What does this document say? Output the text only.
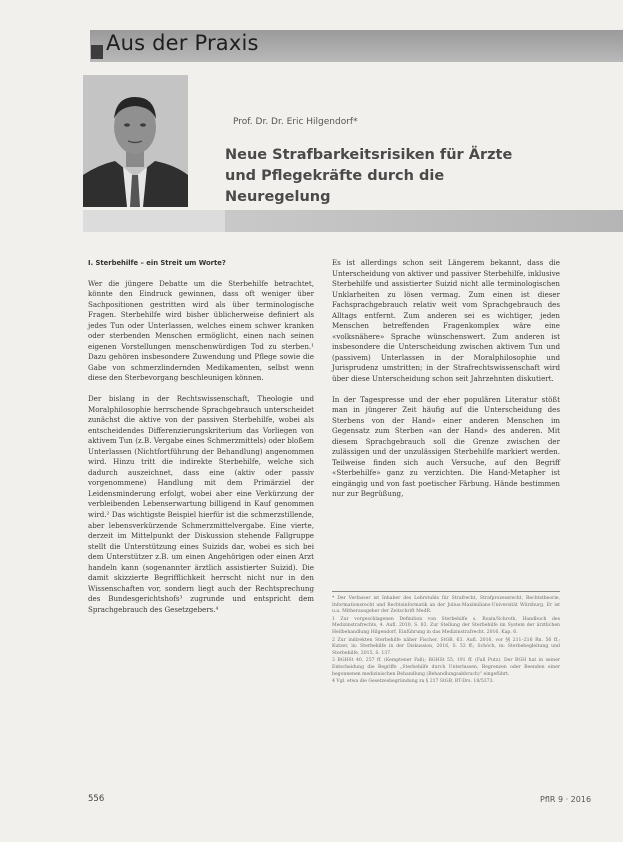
Aus der Praxis
Prof. Dr. Dr. Eric Hilgendorf*
Neue Strafbarkeitsrisiken für Ärzte
und Pflegekräfte durch die Neuregelung

I. Sterbehilfe – ein Streit um Worte?

Wer die jüngere Debatte um die Sterbehilfe betrachtet, könnte den Eindruck gewinnen, dass oft weniger über Sachpositionen gestritten wird als über terminologische Fragen. Sterbehilfe wird bisher üblicherweise definiert als jedes Tun oder Unterlassen, welches einem schwer kranken oder sterbenden Menschen ermöglicht, einen nach seinen eigenen Vorstellungen menschenwürdigen Tod zu sterben.¹ Dazu gehören insbesondere Zuwendung und Pflege sowie die Gabe von schmerzlindernden Medikamenten, selbst wenn diese den Sterbevorgang beschleunigen können.

Der bislang in der Rechtswissenschaft, Theologie und Moralphilosophie herrschende Sprachgebrauch unterscheidet zunächst die aktive von der passiven Sterbehilfe, wobei als entscheidendes Differenzierungskriterium das Vorliegen von aktivem Tun (z.B. Vergabe eines Schmerzmittels) oder bloßem Unterlassen (Nichtfortführung der Behandlung) angenommen wird. Hinzu tritt die indirekte Sterbehilfe, welche sich dadurch auszeichnet, dass eine (aktiv oder passiv vorgenommene) Handlung mit dem Primärziel der Leidensminderung erfolgt, wobei aber eine Verkürzung der verbleibenden Lebenserwartung billigend in Kauf genommen wird.² Das wichtigste Beispiel hierfür ist die schmerzstillende, aber lebensverkürzende Schmerzmittelvergabe. Eine vierte, derzeit im Mittelpunkt der Diskussion stehende Fallgruppe stellt die Unterstützung eines Suizids dar, wobei es sich bei dem Unterstützer z.B. um einen Angehörigen oder einen Arzt handeln kann (sogenannter ärztlich assistierter Suizid). Die damit skizzierte Begrifflichkeit herrscht nicht nur in den Wissenschaften vor, sondern liegt auch der Rechtsprechung des Bundesgerichtshofs³ zugrunde und entspricht dem Sprachgebrauch des Gesetzgebers.⁴

Es ist allerdings schon seit Längerem bekannt, dass die Unterscheidung von aktiver und passiver Sterbehilfe, inklusive Sterbehilfe und assistierter Suizid nicht alle terminologischen Unklarheiten zu lösen vermag. Zum einen ist dieser Fachsprachgebrauch relativ weit vom Sprachgebrauch des Alltags entfernt. Zum anderen sei es wichtiger, jeden Menschen betreffenden Fragenkomplex wäre eine «volksnähere» Sprache wünschenswert. Zum anderen ist insbesondere die Unterscheidung zwischen aktivem Tun und (passivem) Unterlassen in der Moralphilosophie und Jurisprudenz umstritten; in der Strafrechtswissenschaft wird über diese Unterscheidung schon seit Jahrzehnten diskutiert.

In der Tagespresse und der eher populären Literatur stößt man in jüngerer Zeit häufig auf die Unterscheidung des Sterbens von der Hand» einer anderen Menschen im Gegensatz zum Sterben «an der Hand» des anderen. Mit diesem Sprachgebrauch soll die Grenze zwischen der zulässigen und der unzulässigen Sterbehilfe markiert werden. Teilweise finden sich auch Versuche, auf den Begriff «Sterbehilfe» ganz zu verzichten. Die Hand-Metapher ist eingängig und von fast poetischer Färbung. Hände bestimmen nur zur Begrüßung,

* Der Verfasser ist Inhaber des Lehrstuhls für Strafrecht, Strafprozessrecht, Rechtstheorie, Informationsrecht und Rechtsinformatik an der Julius-Maximilians-Universität Würzburg. Er ist u.a. Mitherausgeber der Zeitschrift MedR.
1 Zur vorgeschlagenen Definition von Sterbehilfe s. Roxin/Schroth, Handbuch des Medizinstrafrechts, 4. Aufl. 2010, S. 83. Zur Stellung der Sterbehilfe im System der ärztlichen Heilbehandlung Hilgendorf, Einführung in das Medizinstrafrecht, 2016, Kap. 6.
2 Zur indirekten Sterbehilfe näher Fischer, StGB, 63. Aufl. 2016, vor §§ 211–216 Rn. 56 ff.; Kutzer, in: Sterbehilfe in der Diskussion, 2016, S. 53 ff.; Schöch, in: Sterbebegleitung und Sterbehilfe, 2015, S. 137.
3 BGHSt 40, 257 ff. (Kemptener Fall); BGHSt 55, 191 ff. (Fall Putz). Der BGH hat in seiner Entscheidung die Begriffe „Sterbehilfe durch Unterlassen, Begrenzen oder Beenden einer begonnenen medizinischen Behandlung (Behandlungsabbruch)“ eingeführt.
4 Vgl. etwa die Gesetzesbegründung zu § 217 StGB, BT-Drs. 18/5373.
556	PflR 9 · 2016
